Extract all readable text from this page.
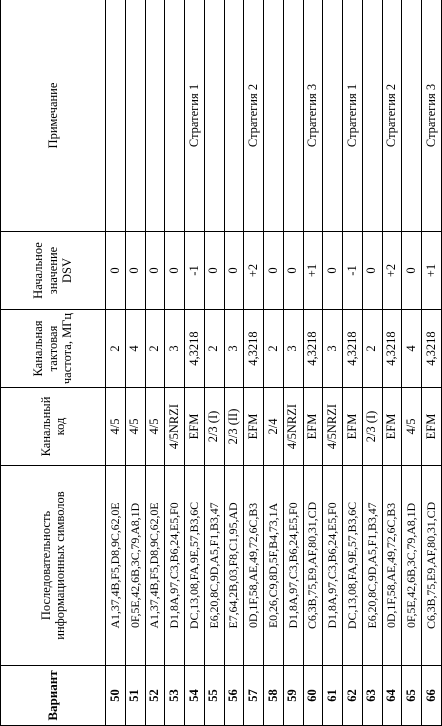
Вариант	Последовательность информационных символов	Канальный код	Канальная тактовая частота, МГц	Начальное значение DSV	Примечание
50	A1,37,4B,F5,D8,9C,62,0E	4/5	2	0	
51	0F,5E,42,6B,3C,79,A8,1D	4/5	4	0	
52	A1,37,4B,F5,D8,9C,62,0E	4/5	2	0	
53	D1,8A,97,C3,B6,24,E5,F0	4/5NRZI	3	0	
54	DC,13,08,FA,9E,57,B3,6C	EFM	4,3218	-1	Стратегия 1
55	E6,20,8C,9D,A5,F1,B3,47	2/3 (I)	2	0	
56	E7,64,2B,03,F8,C1,95,AD	2/3 (II)	3	0	
57	0D,1F,58,AE,49,72,6C,B3	EFM	4,3218	+2	Стратегия 2
58	E0,26,C9,8D,5F,B4,73,1A	2/4	2	0	
59	D1,8A,97,C3,B6,24,E5,F0	4/5NRZI	3	0	
60	C6,3B,75,E9,AF,80,31,CD	EFM	4,3218	+1	Стратегия 3
61	D1,8A,97,C3,B6,24,E5,F0	4/5NRZI	3	0	
62	DC,13,08,FA,9E,57,B3,6C	EFM	4,3218	-1	Стратегия 1
63	E6,20,8C,9D,A5,F1,B3,47	2/3 (I)	2	0	
64	0D,1F,58,AE,49,72,6C,B3	EFM	4,3218	+2	Стратегия 2
65	0F,5E,42,6B,3C,79,A8,1D	4/5	4	0	
66	C6,3B,75,E9,AF,80,31,CD	EFM	4,3218	+1	Стратегия 3
